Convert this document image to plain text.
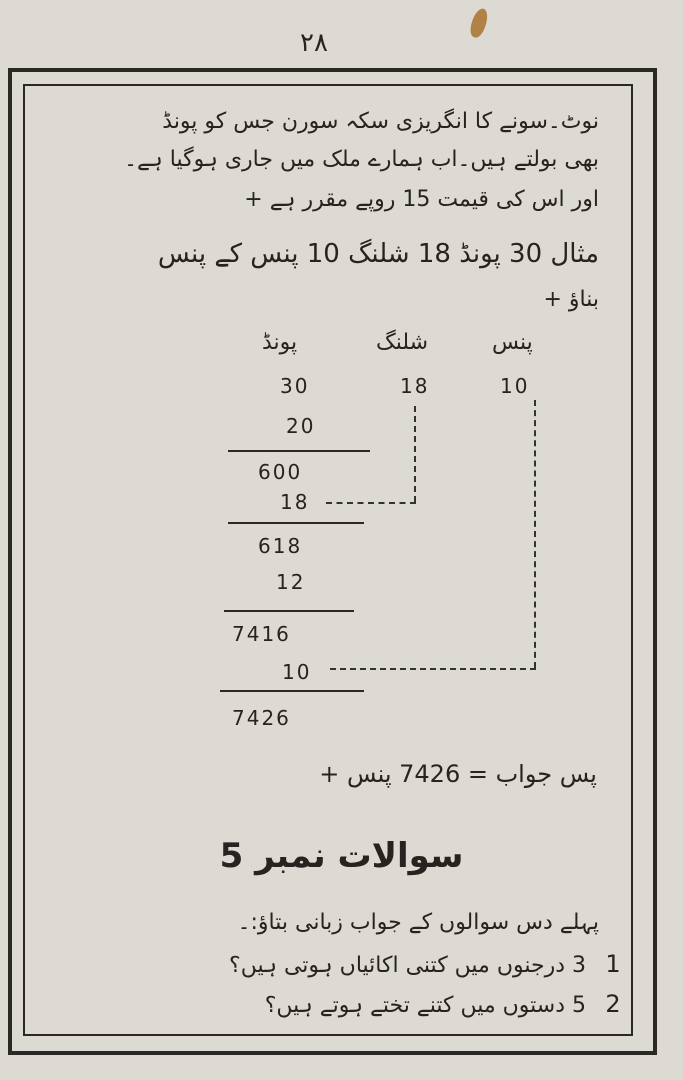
۲۸
نوٹ۔سونے کا انگریزی سکہ سورن جس کو پونڈ
بھی بولتے ہیں۔اب ہمارے ملک میں جاری ہوگیا ہے۔
اور اس کی قیمت 15 روپے مقرر ہے +
مثال 30 پونڈ 18 شلنگ 10 پنس کے پنس
بناؤ +
پنس
شلنگ
پونڈ
30	18	10
20
600
18
618
12
7416
10
7426
پس جواب = 7426 پنس +
سوالات نمبر 5
پہلے دس سوالوں کے جواب زبانی بتاؤ:۔
1 3 درجنوں میں کتنی اکائیاں ہوتی ہیں؟
2 5 دستوں میں کتنے تختے ہوتے ہیں؟
